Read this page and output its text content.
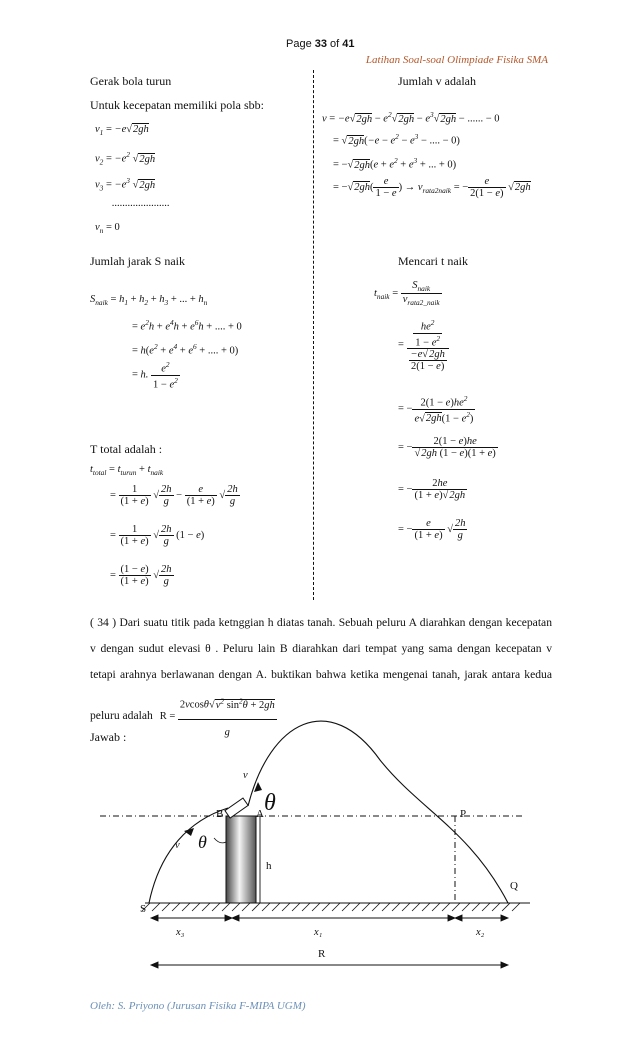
Page 33 of 41
Latihan Soal-soal Olimpiade Fisika SMA
Gerak bola turun
Untuk kecepatan memiliki pola sbb:
$v_1 = -e√2gh$
$v_2 = -e^2$ √2gh
$v_3 = -e^3$ √2gh
......................
$v_n = 0$
Jumlah jarak S naik
$S_{naik} = h_1 + h_2 + h_3$ + ... + $h_n$
= $e^2h + e^4h + e^6h$ + .... + 0
= $h(e^2 + e^4 + e^6$ + .... + 0)
= h. $\frac{e^2}{1 - e^2}$
T total adalah :
$t_{total} = t_{turun} + t_{naik}$
= $\frac{1}{(1 + e)}$ √ $\frac{2h}{g} - \frac{e}{(1 + e)}$ √ $\frac{2h}{g}$
= $\frac{1}{(1 + e)}$ √ $\frac{2h}{g} (1 - e)$
= $\frac{(1 - e)}{(1 + e)}$ √ $\frac{2h}{g}$
Jumlah v adalah
$v = -e√2gh - e^2√2gh - e^3√2gh$ − ...... − 0
= $√2gh(-e - e^2 - e^3$ − .... − 0)
= $-√2gh(e + e^2 + e^3$ + ... + 0)
= $-√2gh( \frac{e}{1 - e}$ ) → $v_{rata2naik}$ = − $\frac{e}{2(1 - e)} √2gh$
Mencari t naik
$t_{naik} = \frac{S_{naik}}{v_{rata2\_naik}}$
= $\frac{\frac{he^2}{1 - e^2}}{\frac{-e√2gh}{2(1 - e)}}$
= − $\frac{2(1 - e)he^2}{e√2gh(1 - e^2)}$
= − $\frac{2(1 - e)he}{√2gh (1 - e)(1 + e)}$
= − $\frac{2he}{(1 + e)√2gh}$
= − $\frac{e}{(1 + e)}$ √ $\frac{2h}{g}$
( 34 ) Dari suatu titik pada ketnggian h diatas tanah. Sebuah peluru A diarahkan dengan kecepatan v dengan sudut elevasi θ . Peluru lain B diarahkan dari tempat yang sama dengan kecepatan v tetapi arahnya berlawanan dengan A. buktikan bahwa ketika mengenai tanah, jarak antara kedua peluru adalah $R = \frac{2vcos\theta√v^2 \sin^2\theta + 2gh}{g}$
Jawab :
v
v
B	A θ
θ
P
h
Q
S
x₃	x₁	x₂
R
Oleh: S. Priyono (Jurusan Fisika F-MIPA UGM)
